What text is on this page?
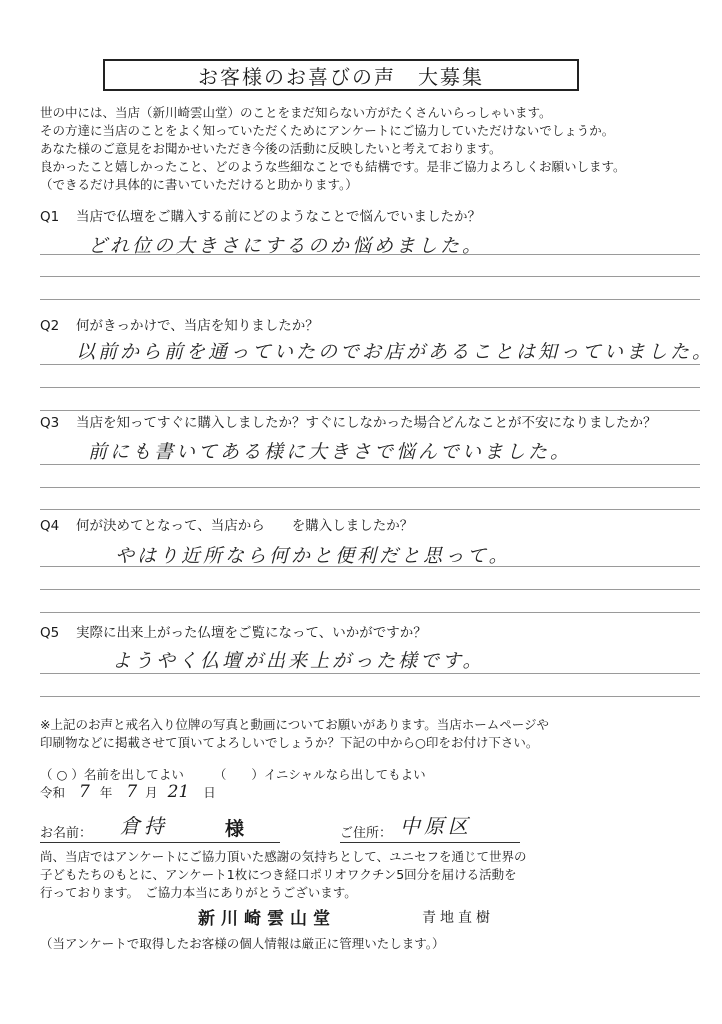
お客様のお喜びの声　大募集
世の中には、当店（新川崎雲山堂）のことをまだ知らない方がたくさんいらっしゃいます。
その方達に当店のことをよく知っていただくためにアンケートにご協力していただけないでしょうか。
あなた様のご意見をお聞かせいただき今後の活動に反映したいと考えております。
良かったこと嬉しかったこと、どのような些細なことでも結構です。是非ご協力よろしくお願いします。
（できるだけ具体的に書いていただけると助かります。）
Q1 当店で仏壇をご購入する前にどのようなことで悩んでいましたか？
どれ位の大きさにするのか悩めました。
Q2 何がきっかけで、当店を知りましたか？
以前から前を通っていたのでお店があることは知っていました。
Q3 当店を知ってすぐに購入しましたか？すぐにしなかった場合どんなことが不安になりましたか？
前にも書いてある様に大きさで悩んでいました。
Q4 何が決めてとなって、当店から　　を購入しましたか？
やはり近所なら何かと便利だと思って。
Q5 実際に出来上がった仏壇をご覧になって、いかがですか？
ようやく仏壇が出来上がった様です。
※上記のお声と戒名入り位牌の写真と動画についてお願いがあります。当店ホームページや
印刷物などに掲載させて頂いてよろしいでしょうか？下記の中から○印をお付け下さい。
（ ○ ）名前を出してよい （　　）イニシャルなら出してもよい
令和 7 年 7 月 21 日
お名前： 倉持	様	ご住所： 中原区
尚、当店ではアンケートにご協力頂いた感謝の気持ちとして、ユニセフを通じて世界の
子どもたちのもとに、アンケート1枚につき経口ポリオワクチン5回分を届ける活動を
行っております。　ご協力本当にありがとうございます。
新川崎雲山堂	青地直樹
（当アンケートで取得したお客様の個人情報は厳正に管理いたします。）
